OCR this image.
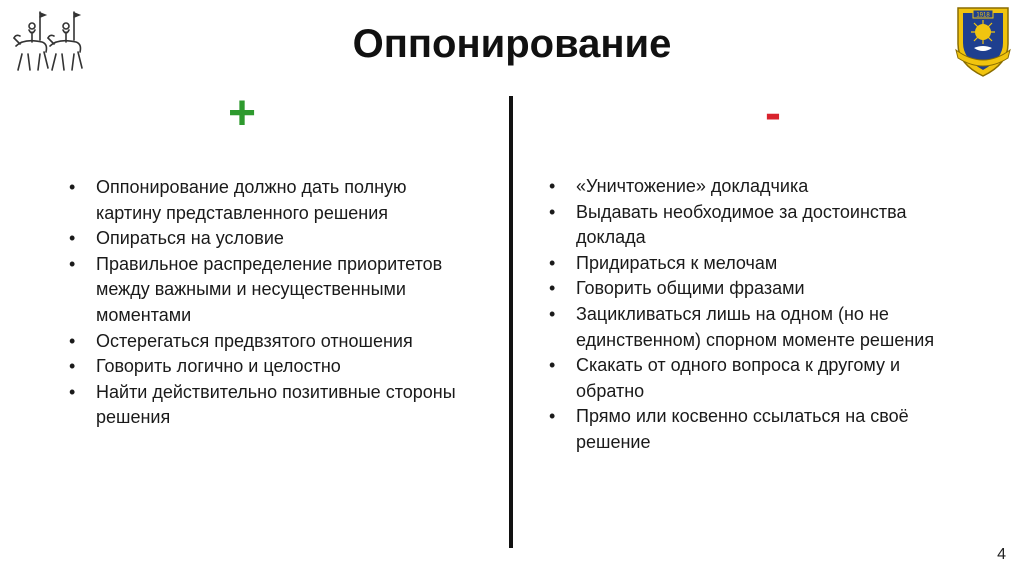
1918
Оппонирование
+	-
• Оппонирование должно дать полную картину представленного решения
• Опираться на условие
• Правильное распределение приоритетов между важными и несущественными моментами
• Остерегаться предвзятого отношения
• Говорить логично и целостно
• Найти действительно позитивные стороны решения
• «Уничтожение» докладчика
• Выдавать необходимое за достоинства доклада
• Придираться к мелочам
• Говорить общими фразами
• Зацикливаться лишь на одном (но не единственном) спорном моменте решения
• Скакать от одного вопроса к другому и обратно
• Прямо или косвенно ссылаться на своё решение
4
